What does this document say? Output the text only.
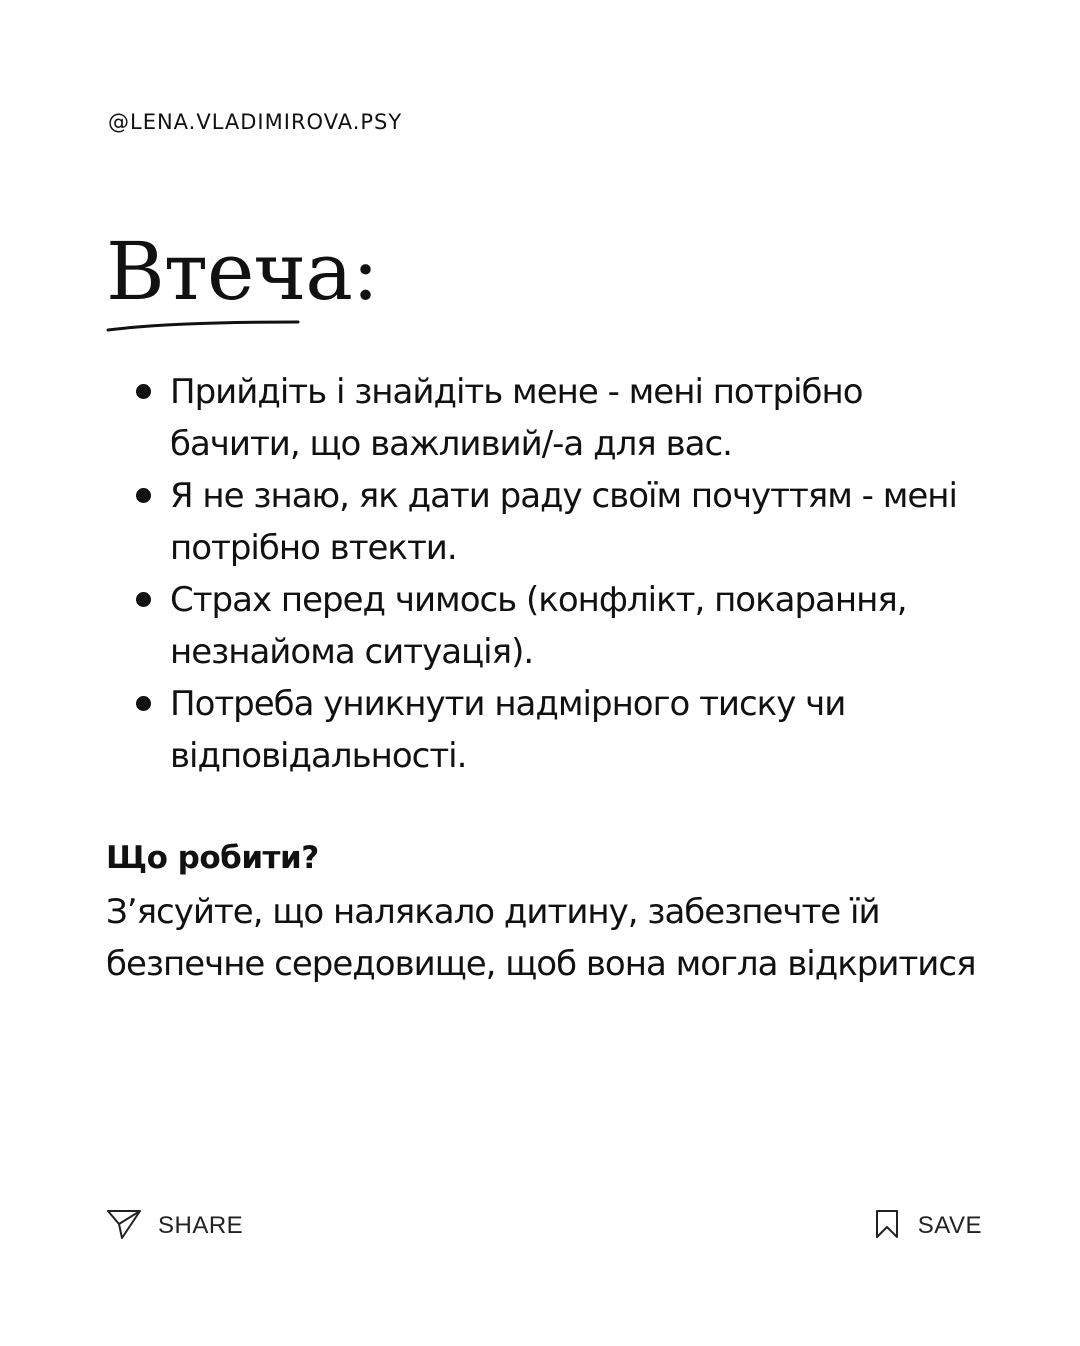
@LENA.VLADIMIROVA.PSY
Втеча:
Прийдіть і знайдіть мене - мені потрібно бачити, що важливий/-а для вас.
Я не знаю, як дати раду своїм почуттям - мені потрібно втекти.
Страх перед чимось (конфлікт, покарання, незнайома ситуація).
Потреба уникнути надмірного тиску чи відповідальності.
Що робити?
З’ясуйте, що налякало дитину, забезпечте їй безпечне середовище, щоб вона могла відкритися
SHARE	SAVE
